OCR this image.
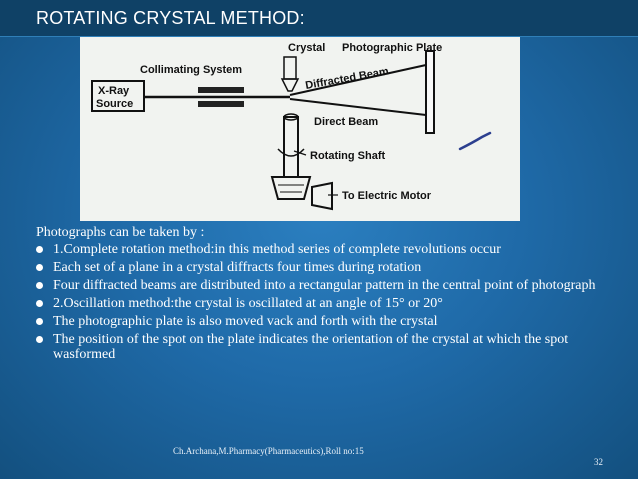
ROTATING CRYSTAL METHOD:
X-Ray
Source
Crystal Photographic Plate
Collimating System	Diffracted Beam
Direct Beam
Rotating Shaft
To Electric Motor

Photographs can be taken by :

1.Complete rotation method:in this method series of complete revolutions occur
Each set of a plane in a crystal diffracts four times during rotation
Four diffracted beams are distributed into a rectangular pattern in the central point of photograph
2.Oscillation method:the crystal is oscillated at an angle of 15° or 20°
The photographic plate is also moved vack and forth with the crystal
The position of the spot on the plate indicates the orientation of the crystal at which the spot wasformed
Ch.Archana,M.Pharmacy(Pharmaceutics),Roll no:15
32
